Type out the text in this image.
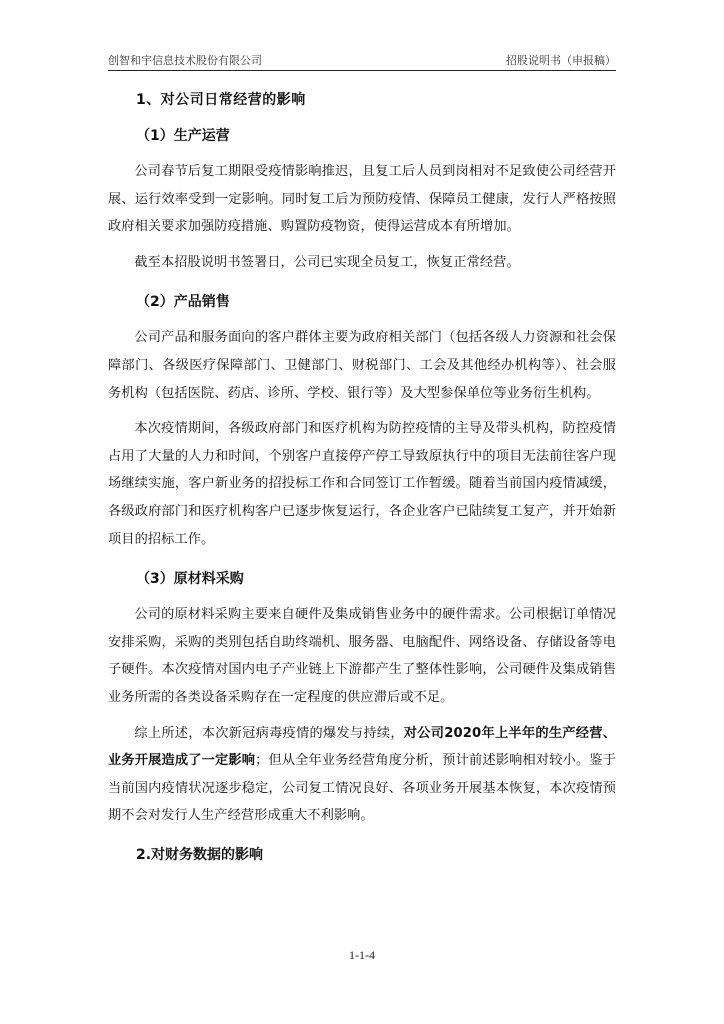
创智和宇信息技术股份有限公司	招股说明书（申报稿）
1、对公司日常经营的影响
（1）生产运营

公司春节后复工期限受疫情影响推迟，且复工后人员到岗相对不足致使公司经营开展、运行效率受到一定影响。同时复工后为预防疫情、保障员工健康，发行人严格按照政府相关要求加强防疫措施、购置防疫物资，使得运营成本有所增加。

截至本招股说明书签署日，公司已实现全员复工，恢复正常经营。

（2）产品销售

公司产品和服务面向的客户群体主要为政府相关部门（包括各级人力资源和社会保障部门、各级医疗保障部门、卫健部门、财税部门、工会及其他经办机构等）、社会服务机构（包括医院、药店、诊所、学校、银行等）及大型参保单位等业务衍生机构。

本次疫情期间，各级政府部门和医疗机构为防控疫情的主导及带头机构，防控疫情占用了大量的人力和时间，个别客户直接停产停工导致原执行中的项目无法前往客户现场继续实施，客户新业务的招投标工作和合同签订工作暂缓。随着当前国内疫情减缓，各级政府部门和医疗机构客户已逐步恢复运行，各企业客户已陆续复工复产，并开始新项目的招标工作。

（3）原材料采购

公司的原材料采购主要来自硬件及集成销售业务中的硬件需求。公司根据订单情况安排采购，采购的类别包括自助终端机、服务器、电脑配件、网络设备、存储设备等电子硬件。本次疫情对国内电子产业链上下游都产生了整体性影响，公司硬件及集成销售业务所需的各类设备采购存在一定程度的供应滞后或不足。

综上所述，本次新冠病毒疫情的爆发与持续，对公司2020年上半年的生产经营、业务开展造成了一定影响；但从全年业务经营角度分析，预计前述影响相对较小。鉴于当前国内疫情状况逐步稳定，公司复工情况良好、各项业务开展基本恢复，本次疫情预期不会对发行人生产经营形成重大不利影响。

2.对财务数据的影响
1-1-4
